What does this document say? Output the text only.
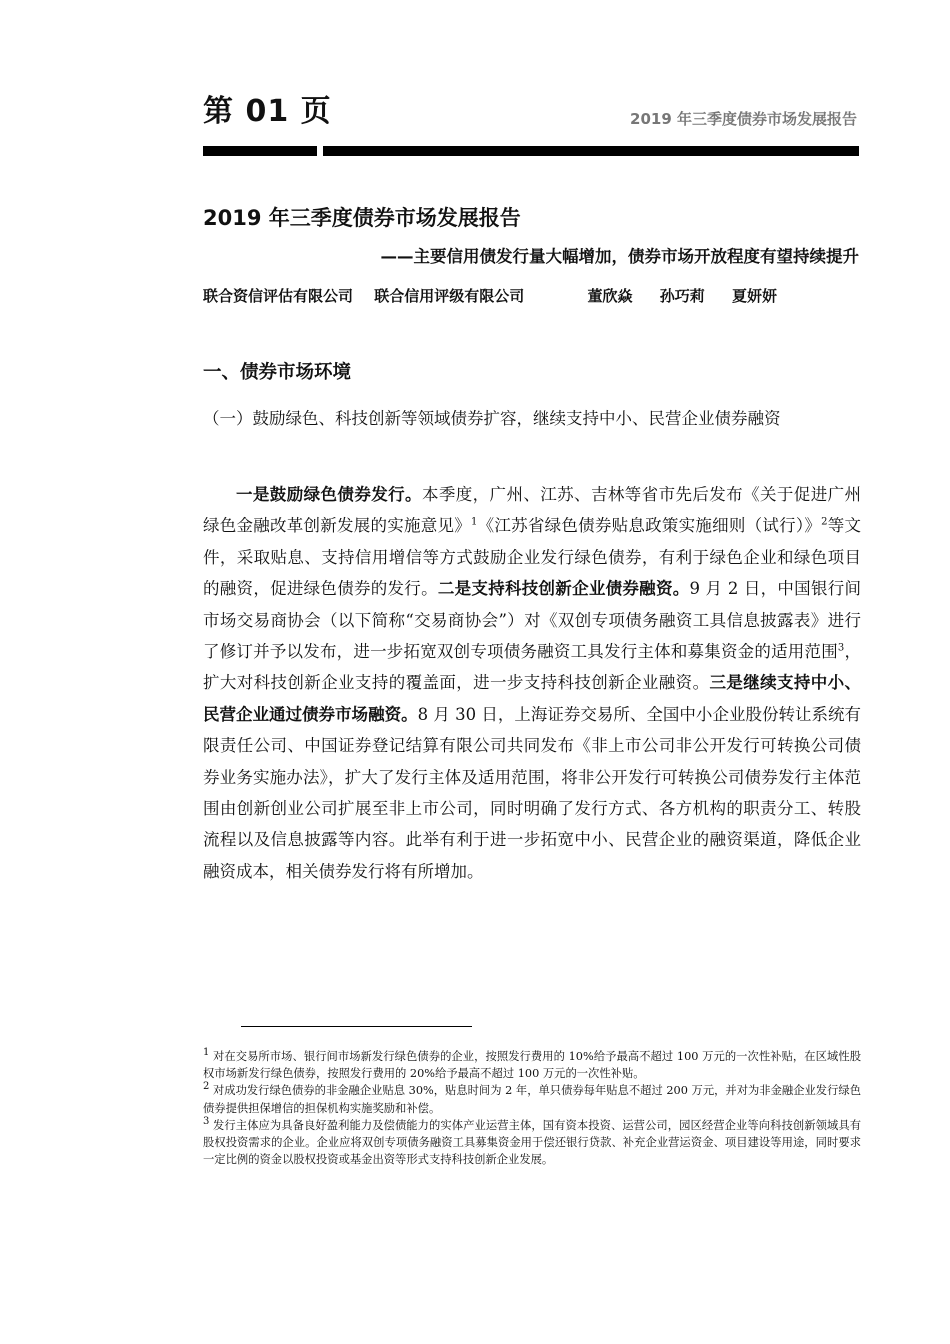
第 01 页	2019 年三季度债券市场发展报告
2019 年三季度债券市场发展报告
——主要信用债发行量大幅增加，债券市场开放程度有望持续提升
联合资信评估有限公司 联合信用评级有限公司	董欣焱 孙巧莉 夏妍妍
一、债券市场环境
（一）鼓励绿色、科技创新等领域债券扩容，继续支持中小、民营企业债券融资
一是鼓励绿色债券发行。本季度，广州、江苏、吉林等省市先后发布《关于促进广州绿色金融改革创新发展的实施意见》$^1$《江苏省绿色债券贴息政策实施细则（试行）》$^2$等文件，采取贴息、支持信用增信等方式鼓励企业发行绿色债券，有利于绿色企业和绿色项目的融资，促进绿色债券的发行。二是支持科技创新企业债券融资。9 月 2 日，中国银行间市场交易商协会（以下简称“交易商协会”）对《双创专项债务融资工具信息披露表》进行了修订并予以发布，进一步拓宽双创专项债务融资工具发行主体和募集资金的适用范围$^3$，扩大对科技创新企业支持的覆盖面，进一步支持科技创新企业融资。三是继续支持中小、民营企业通过债券市场融资。8 月 30 日，上海证券交易所、全国中小企业股份转让系统有限责任公司、中国证券登记结算有限公司共同发布《非上市公司非公开发行可转换公司债券业务实施办法》，扩大了发行主体及适用范围，将非公开发行可转换公司债券发行主体范围由创新创业公司扩展至非上市公司，同时明确了发行方式、各方机构的职责分工、转股流程以及信息披露等内容。此举有利于进一步拓宽中小、民营企业的融资渠道，降低企业融资成本，相关债券发行将有所增加。

$^1$ 对在交易所市场、银行间市场新发行绿色债券的企业，按照发行费用的 10%给予最高不超过 100 万元的一次性补贴，在区域性股权市场新发行绿色债券，按照发行费用的 20%给予最高不超过 100 万元的一次性补贴。

$^2$ 对成功发行绿色债券的非金融企业贴息 30%，贴息时间为 2 年，单只债券每年贴息不超过 200 万元，并对为非金融企业发行绿色债券提供担保增信的担保机构实施奖励和补偿。

$^3$ 发行主体应为具备良好盈利能力及偿债能力的实体产业运营主体，国有资本投资、运营公司，园区经营企业等向科技创新领域具有股权投资需求的企业。企业应将双创专项债务融资工具募集资金用于偿还银行贷款、补充企业营运资金、项目建设等用途，同时要求一定比例的资金以股权投资或基金出资等形式支持科技创新企业发展。
